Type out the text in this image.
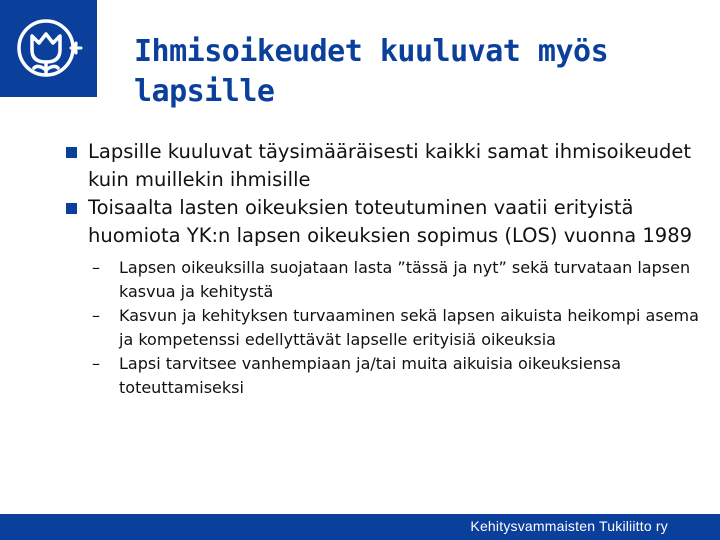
Ihmisoikeudet kuuluvat myös lapsille
Lapsille kuuluvat täysimääräisesti kaikki samat ihmisoikeudet kuin muillekin ihmisille
Toisaalta lasten oikeuksien toteutuminen vaatii erityistä huomiota YK:n lapsen oikeuksien sopimus (LOS) vuonna 1989
– Lapsen oikeuksilla suojataan lasta ”tässä ja nyt” sekä turvataan lapsen kasvua ja kehitystä
– Kasvun ja kehityksen turvaaminen sekä lapsen aikuista heikompi asema ja kompetenssi edellyttävät lapselle erityisiä oikeuksia
– Lapsi tarvitsee vanhempiaan ja/tai muita aikuisia oikeuksiensa toteuttamiseksi
Kehitysvammaisten Tukiliitto ry
